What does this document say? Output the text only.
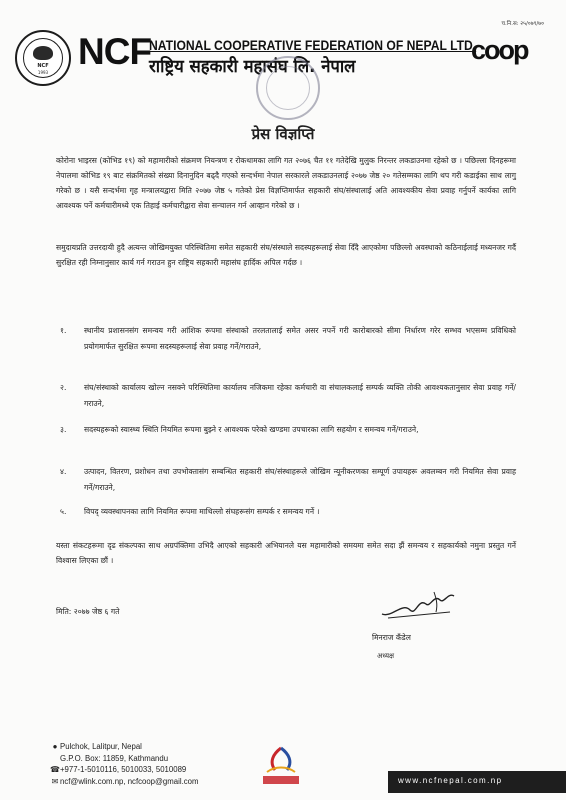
च.नि.स: २५/०७९/७०
NCF
1993
NCF
NATIONAL COOPERATIVE FEDERATION OF NEPAL LTD.
राष्ट्रिय सहकारी महासंघ लि. नेपाल
coop
प्रेस विज्ञप्ति
कोरोना भाइरस (कोभिड १९) को महामारीको संक्रमण नियन्त्रण र रोकथामका लागि गत २०७६ चैत ११ गतेदेखि मुलुक निरन्तर लकडाउनमा रहेको छ । पछिल्ला दिनहरूमा नेपालमा कोभिड १९ बाट संक्रमितको संख्या दिनानुदिन बढ्दै गएको सन्दर्भमा नेपाल सरकारले लकडाउनलाई २०७७ जेष्ठ २० गतेसम्मका लागि थप गरी कडाईका साथ लागु गरेको छ । यसै सन्दर्भमा गृह मन्त्रालयद्वारा मिति २०७७ जेष्ठ ५ गतेको प्रेस विज्ञप्तिमार्फत सहकारी संघ/संस्थालाई अति आवश्यकीय सेवा प्रवाह गर्नुपर्ने कार्यका लागि आवश्यक पर्ने कर्मचारीमध्ये एक तिहाई कर्मचारीद्वारा सेवा सन्चालन गर्न आव्हान गरेको छ ।
समुदायप्रति उत्तरदायी हुदै अत्यन्त जोखिमयुक्त परिस्थितिमा समेत सहकारी संघ/संस्थाले सदस्यहरूलाई सेवा दिँदै आएकोमा पछिल्लो अवस्थाको कठिनाईलाई मध्यनजर गर्दै सुरक्षित रही निम्नानुसार कार्य गर्न गराउन हुन राष्ट्रिय सहकारी महासंघ हार्दिक अपिल गर्दछ ।
१. स्थानीय प्रशासनसंग समन्वय गरी आंशिक रूपमा संस्थाको तरलतालाई समेत असर नपर्ने गरी कारोबारको सीमा निर्धारण गरेर सम्भव भएसम्म प्रविधिको प्रयोगमार्फत सुरक्षित रूपमा सदस्यहरूलाई सेवा प्रवाह गर्ने/गराउने,
२. संघ/संस्थाको कार्यालय खोल्न नसक्ने परिस्थितिमा कार्यालय नजिकमा रहेका कर्मचारी वा संचालकलाई सम्पर्क व्यक्ति तोकी आवश्यकतानुसार सेवा प्रवाह गर्ने/गराउने,
३. सदस्यहरूको स्वास्थ्य स्थिति नियमित रूपमा बुझ्ने र आवश्यक परेको खण्डमा उपचारका लागि सहयोग र समन्वय गर्ने/गराउने,
४. उत्पादन, वितरण, प्रशोधन तथा उपभोक्तासंग सम्बन्धित सहकारी संघ/संस्थाहरूले जोखिम न्यूनीकरणका सम्पूर्ण उपायहरू अवलम्बन गरी नियमित सेवा प्रवाह गर्ने/गराउने,
५. विपद् व्यवस्थापनका लागि नियमित रूपमा माथिल्लो संघहरूसंग सम्पर्क र समन्वय गर्ने ।
यस्ता संकटहरूमा दृढ संकल्पका साथ अग्रपंक्तिमा उभिदै आएको सहकारी अभियानले यस महामारीको समयमा समेत सदा झैं समन्वय र सहकार्यको नमुना प्रस्तुत गर्ने विश्वास लिएका छौं ।
मिति: २०७७ जेष्ठ ६ गते
मिनराज कँडेल
अध्यक्ष
● Pulchok, Lalitpur, Nepal
G.P.O. Box: 11859, Kathmandu
☎ +977-1-5010116, 5010033, 5010089
✉ ncf@wlink.com.np, ncfcoop@gmail.com	www.ncfnepal.com.np
